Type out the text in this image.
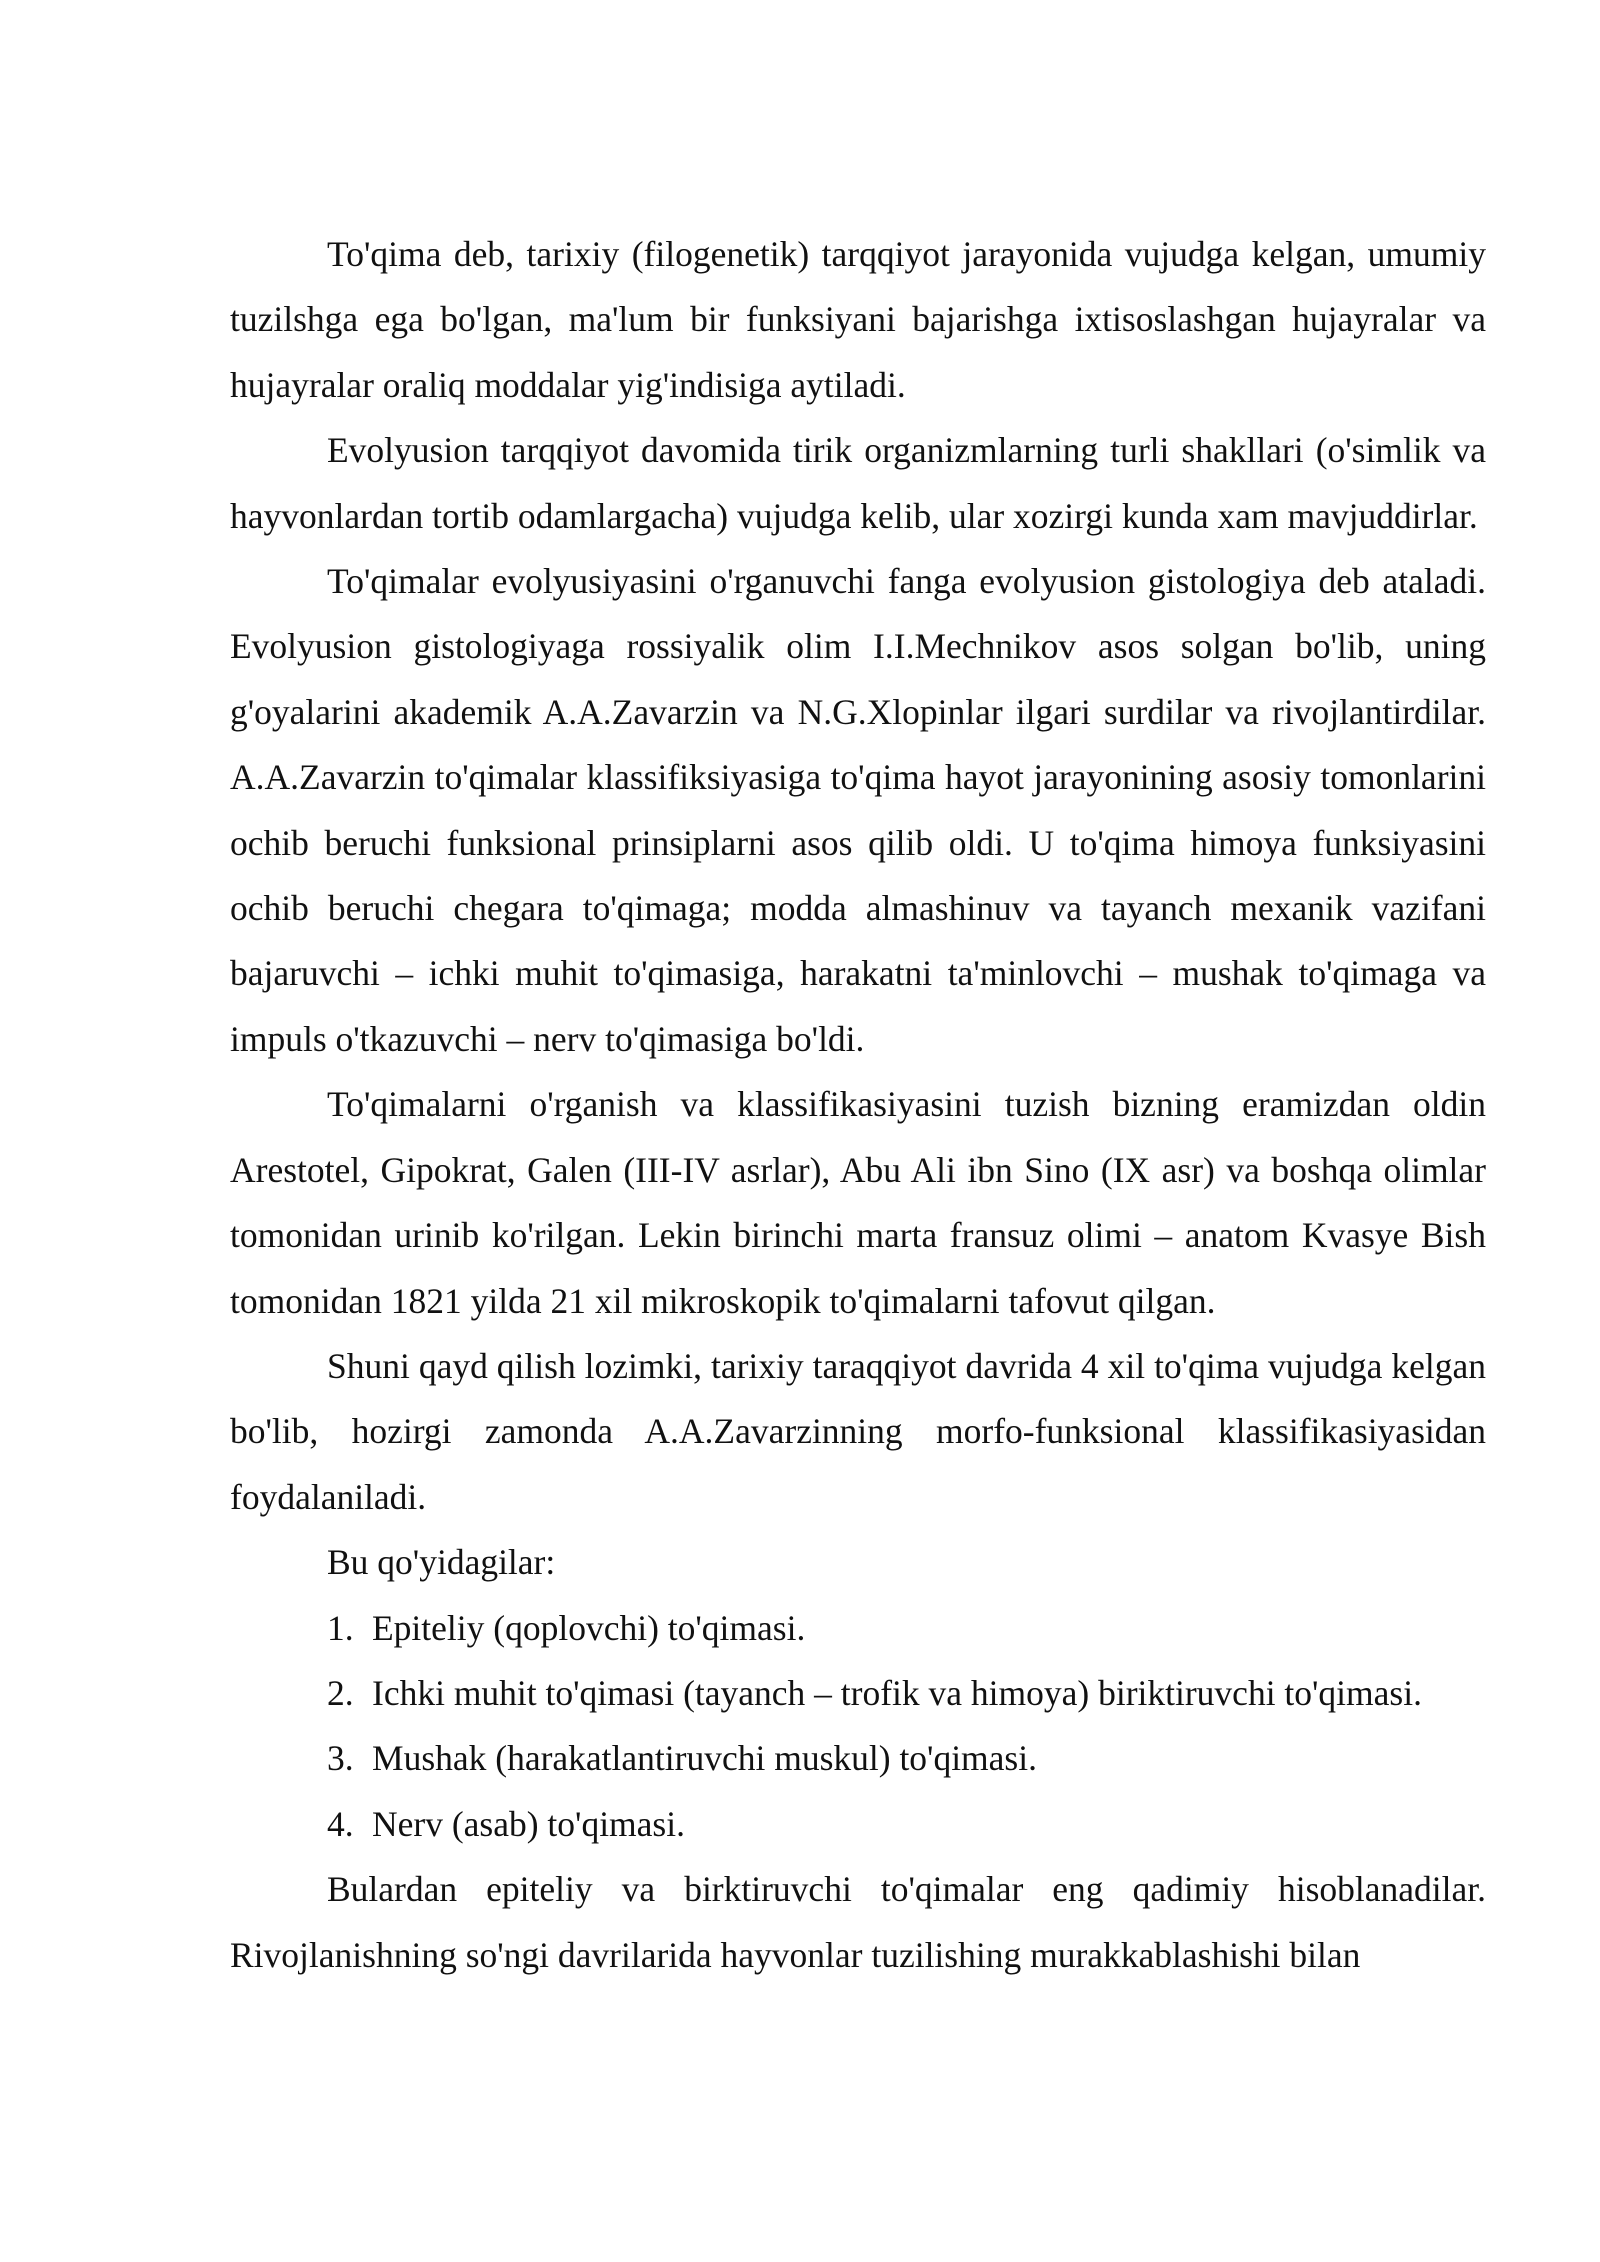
To'qima deb, tarixiy (filogenetik) tarqqiyot jarayonida vujudga kelgan, umumiy tuzilshga ega bo'lgan, ma'lum bir funksiyani bajarishga ixtisoslashgan hujayralar va hujayralar oraliq moddalar yig'indisiga aytiladi.

Evolyusion tarqqiyot davomida tirik organizmlarning turli shakllari (o'simlik va hayvonlardan tortib odamlargacha) vujudga kelib, ular xozirgi kunda xam mavjuddirlar.

To'qimalar evolyusiyasini o'rganuvchi fanga evolyusion gistologiya deb ataladi. Evolyusion gistologiyaga rossiyalik olim I.I.Mechnikov asos solgan bo'lib, uning g'oyalarini akademik A.A.Zavarzin va N.G.Xlopinlar ilgari surdilar va rivojlantirdilar. A.A.Zavarzin to'qimalar klassifiksiyasiga to'qima hayot jarayonining asosiy tomonlarini ochib beruchi funksional prinsiplarni asos qilib oldi. U to'qima himoya funksiyasini ochib beruchi chegara to'qimaga; modda almashinuv va tayanch mexanik vazifani bajaruvchi – ichki muhit to'qimasiga, harakatni ta'minlovchi – mushak to'qimaga va impuls o'tkazuvchi – nerv to'qimasiga bo'ldi.

To'qimalarni o'rganish va klassifikasiyasini tuzish bizning eramizdan oldin Arestotel, Gipokrat, Galen (III-IV asrlar), Abu Ali ibn Sino (IX asr) va boshqa olimlar tomonidan urinib ko'rilgan. Lekin birinchi marta fransuz olimi – anatom Kvasye Bish tomonidan 1821 yilda 21 xil mikroskopik to'qimalarni tafovut qilgan.

Shuni qayd qilish lozimki, tarixiy taraqqiyot davrida 4 xil to'qima vujudga kelgan bo'lib, hozirgi zamonda A.A.Zavarzinning morfo-funksional klassifikasiyasidan foydalaniladi.

Bu qo'yidagilar:

1. Epiteliy (qoplovchi) to'qimasi.
2. Ichki muhit to'qimasi (tayanch – trofik va himoya) biriktiruvchi to'qimasi.
3. Mushak (harakatlantiruvchi muskul) to'qimasi.
4. Nerv (asab) to'qimasi.

Bulardan epiteliy va birktiruvchi to'qimalar eng qadimiy hisoblanadilar. Rivojlanishning so'ngi davrilarida hayvonlar tuzilishing murakkablashishi bilan
